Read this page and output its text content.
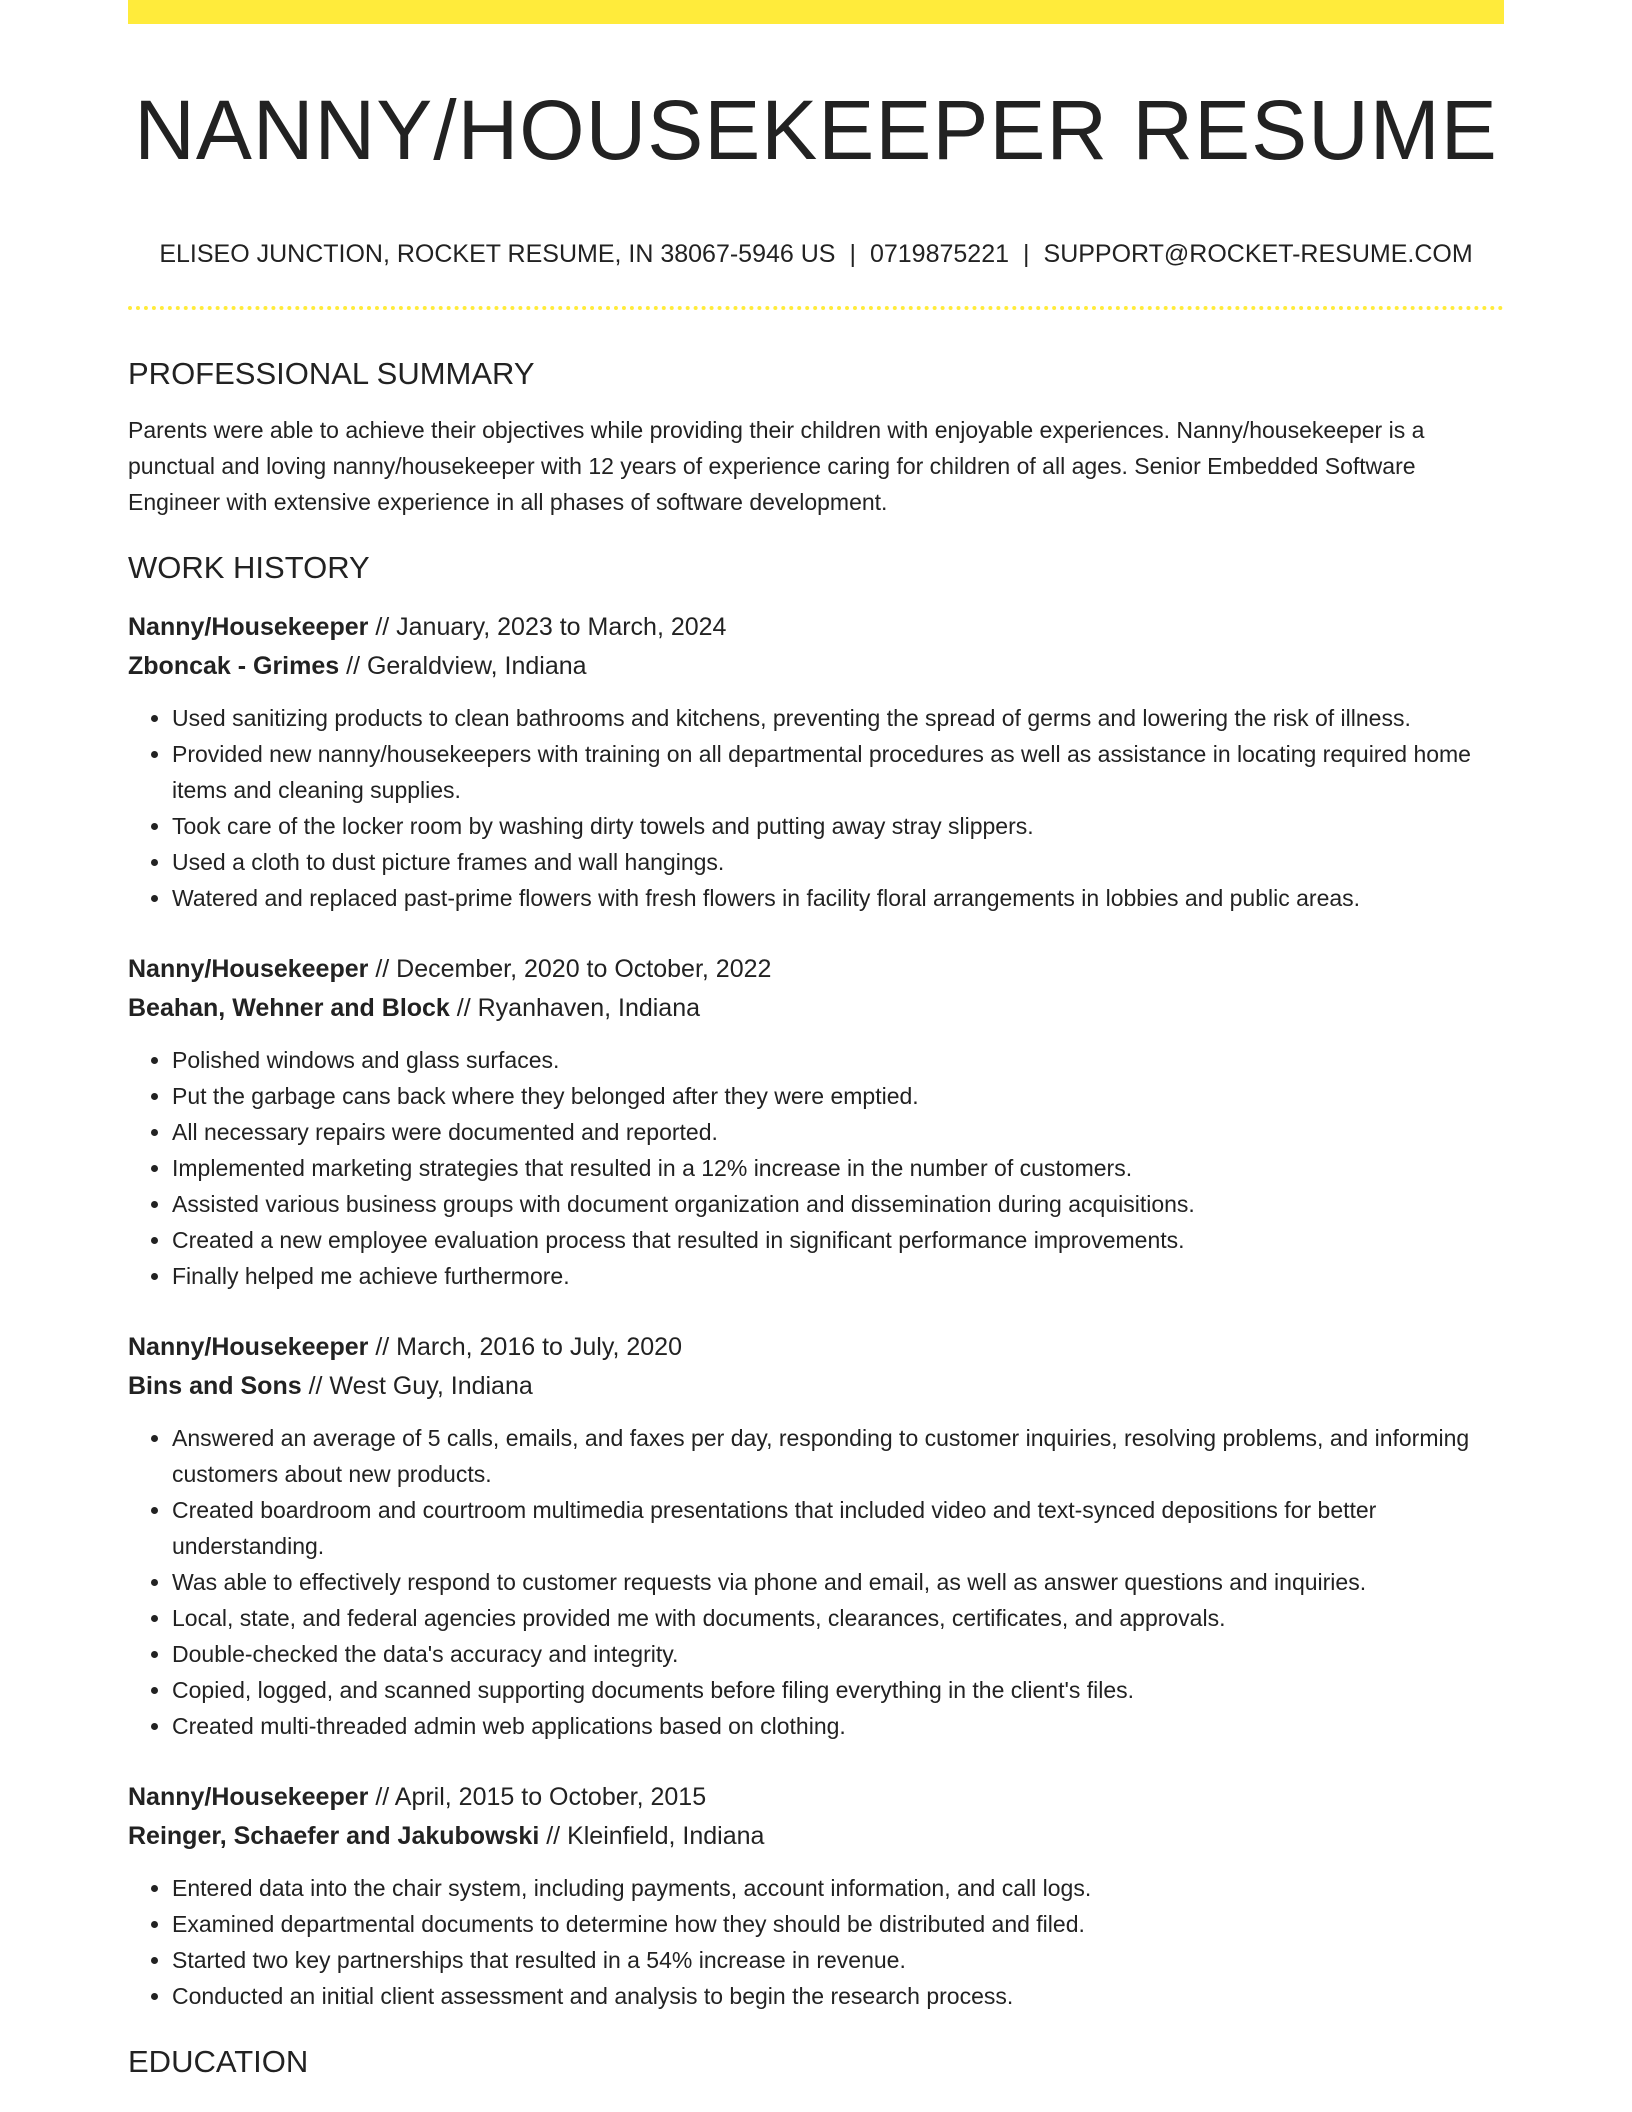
NANNY/HOUSEKEEPER RESUME
ELISEO JUNCTION, ROCKET RESUME, IN 38067-5946 US | 0719875221 | SUPPORT@ROCKET-RESUME.COM
PROFESSIONAL SUMMARY

Parents were able to achieve their objectives while providing their children with enjoyable experiences. Nanny/housekeeper is a punctual and loving nanny/housekeeper with 12 years of experience caring for children of all ages. Senior Embedded Software Engineer with extensive experience in all phases of software development.

WORK HISTORY
Nanny/Housekeeper // January, 2023 to March, 2024
Zboncak - Grimes // Geraldview, Indiana
• Used sanitizing products to clean bathrooms and kitchens, preventing the spread of germs and lowering the risk of illness.
• Provided new nanny/housekeepers with training on all departmental procedures as well as assistance in locating required home items and cleaning supplies.
• Took care of the locker room by washing dirty towels and putting away stray slippers.
• Used a cloth to dust picture frames and wall hangings.
• Watered and replaced past-prime flowers with fresh flowers in facility floral arrangements in lobbies and public areas.
Nanny/Housekeeper // December, 2020 to October, 2022
Beahan, Wehner and Block // Ryanhaven, Indiana
• Polished windows and glass surfaces.
• Put the garbage cans back where they belonged after they were emptied.
• All necessary repairs were documented and reported.
• Implemented marketing strategies that resulted in a 12% increase in the number of customers.
• Assisted various business groups with document organization and dissemination during acquisitions.
• Created a new employee evaluation process that resulted in significant performance improvements.
• Finally helped me achieve furthermore.
Nanny/Housekeeper // March, 2016 to July, 2020
Bins and Sons // West Guy, Indiana
• Answered an average of 5 calls, emails, and faxes per day, responding to customer inquiries, resolving problems, and informing customers about new products.
• Created boardroom and courtroom multimedia presentations that included video and text-synced depositions for better understanding.
• Was able to effectively respond to customer requests via phone and email, as well as answer questions and inquiries.
• Local, state, and federal agencies provided me with documents, clearances, certificates, and approvals.
• Double-checked the data's accuracy and integrity.
• Copied, logged, and scanned supporting documents before filing everything in the client's files.
• Created multi-threaded admin web applications based on clothing.
Nanny/Housekeeper // April, 2015 to October, 2015
Reinger, Schaefer and Jakubowski // Kleinfield, Indiana
• Entered data into the chair system, including payments, account information, and call logs.
• Examined departmental documents to determine how they should be distributed and filed.
• Started two key partnerships that resulted in a 54% increase in revenue.
• Conducted an initial client assessment and analysis to begin the research process.
EDUCATION
